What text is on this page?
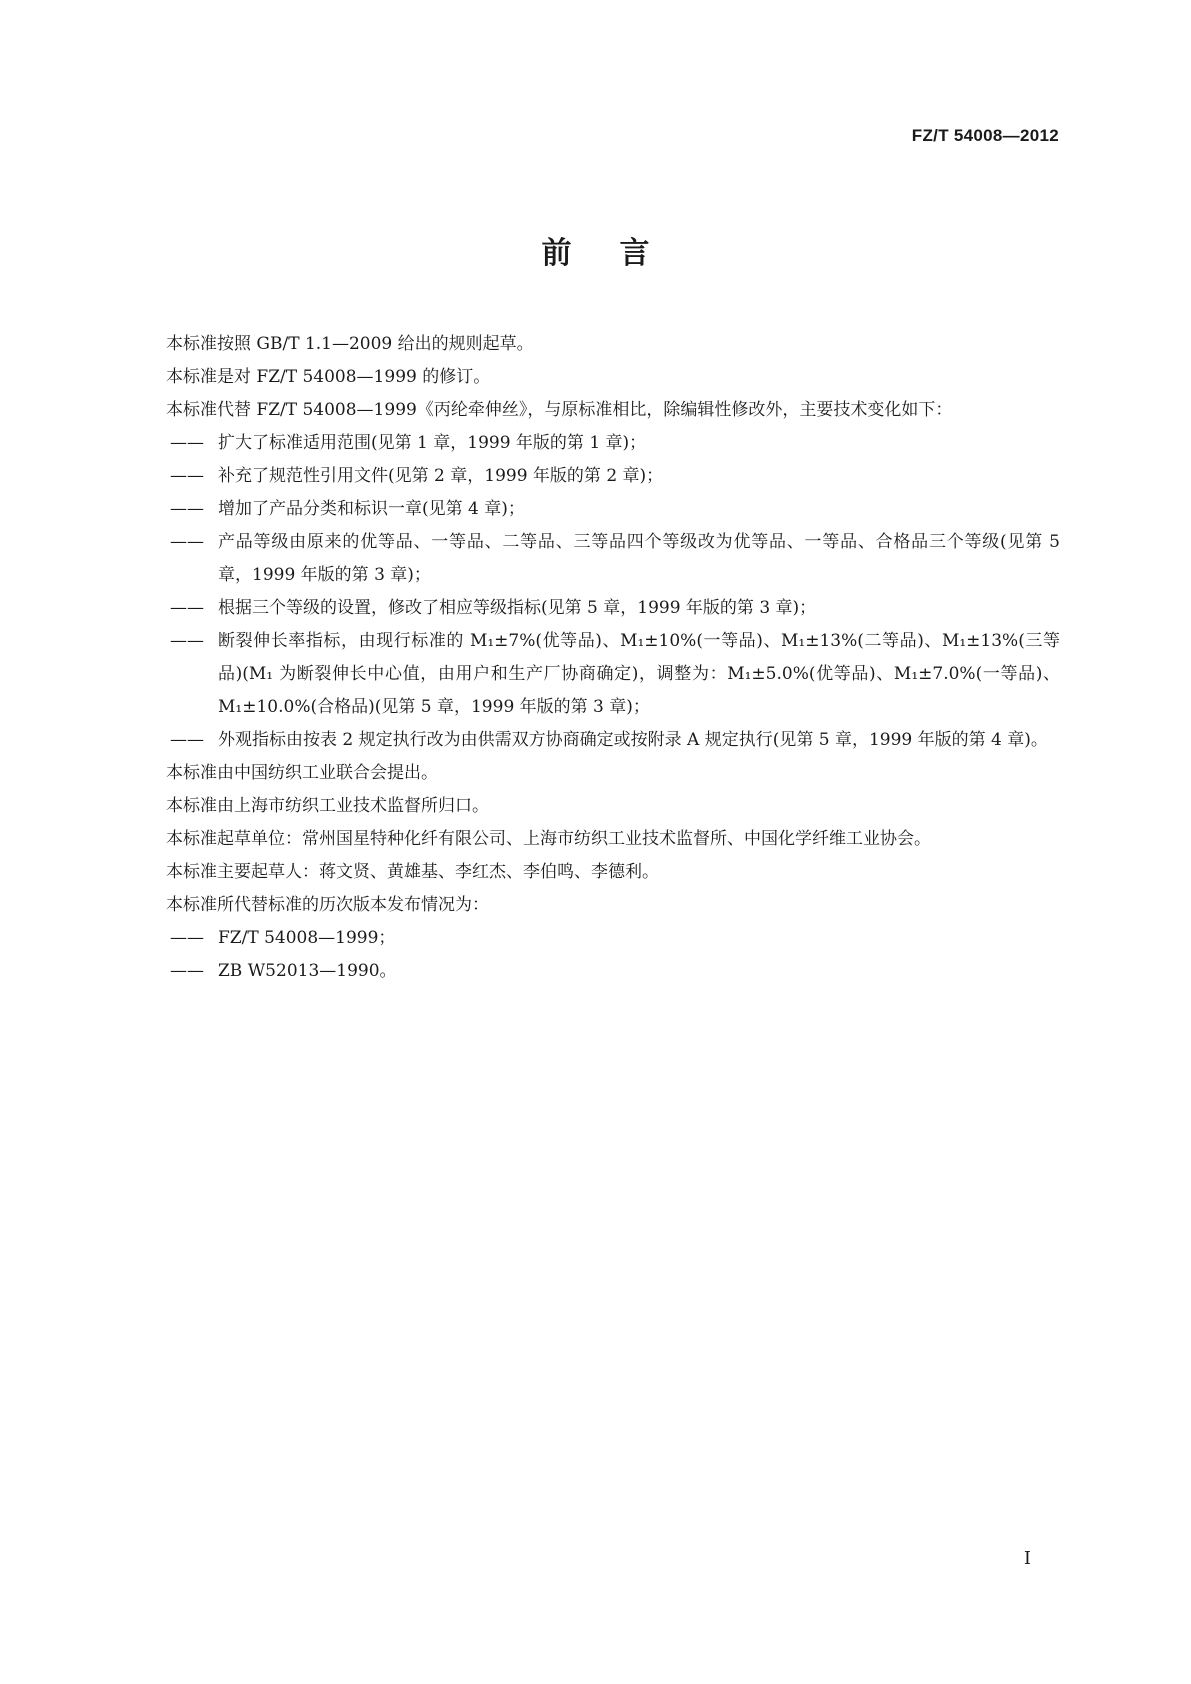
FZ/T 54008—2012
前言

本标准按照 GB/T 1.1—2009 给出的规则起草。

本标准是对 FZ/T 54008—1999 的修订。

本标准代替 FZ/T 54008—1999《丙纶牵伸丝》，与原标准相比，除编辑性修改外，主要技术变化如下：

—— 扩大了标准适用范围(见第 1 章，1999 年版的第 1 章)；

—— 补充了规范性引用文件(见第 2 章，1999 年版的第 2 章)；

—— 增加了产品分类和标识一章(见第 4 章)；

—— 产品等级由原来的优等品、一等品、二等品、三等品四个等级改为优等品、一等品、合格品三个等级(见第 5 章，1999 年版的第 3 章)；

—— 根据三个等级的设置，修改了相应等级指标(见第 5 章，1999 年版的第 3 章)；

—— 断裂伸长率指标，由现行标准的 M₁±7%(优等品)、M₁±10%(一等品)、M₁±13%(二等品)、M₁±13%(三等品)(M₁ 为断裂伸长中心值，由用户和生产厂协商确定)，调整为：M₁±5.0%(优等品)、M₁±7.0%(一等品)、M₁±10.0%(合格品)(见第 5 章，1999 年版的第 3 章)；

—— 外观指标由按表 2 规定执行改为由供需双方协商确定或按附录 A 规定执行(见第 5 章，1999 年版的第 4 章)。

本标准由中国纺织工业联合会提出。

本标准由上海市纺织工业技术监督所归口。

本标准起草单位：常州国星特种化纤有限公司、上海市纺织工业技术监督所、中国化学纤维工业协会。

本标准主要起草人：蒋文贤、黄雄基、李红杰、李伯鸣、李德利。

本标准所代替标准的历次版本发布情况为：

—— FZ/T 54008—1999；

—— ZB W52013—1990。

I
